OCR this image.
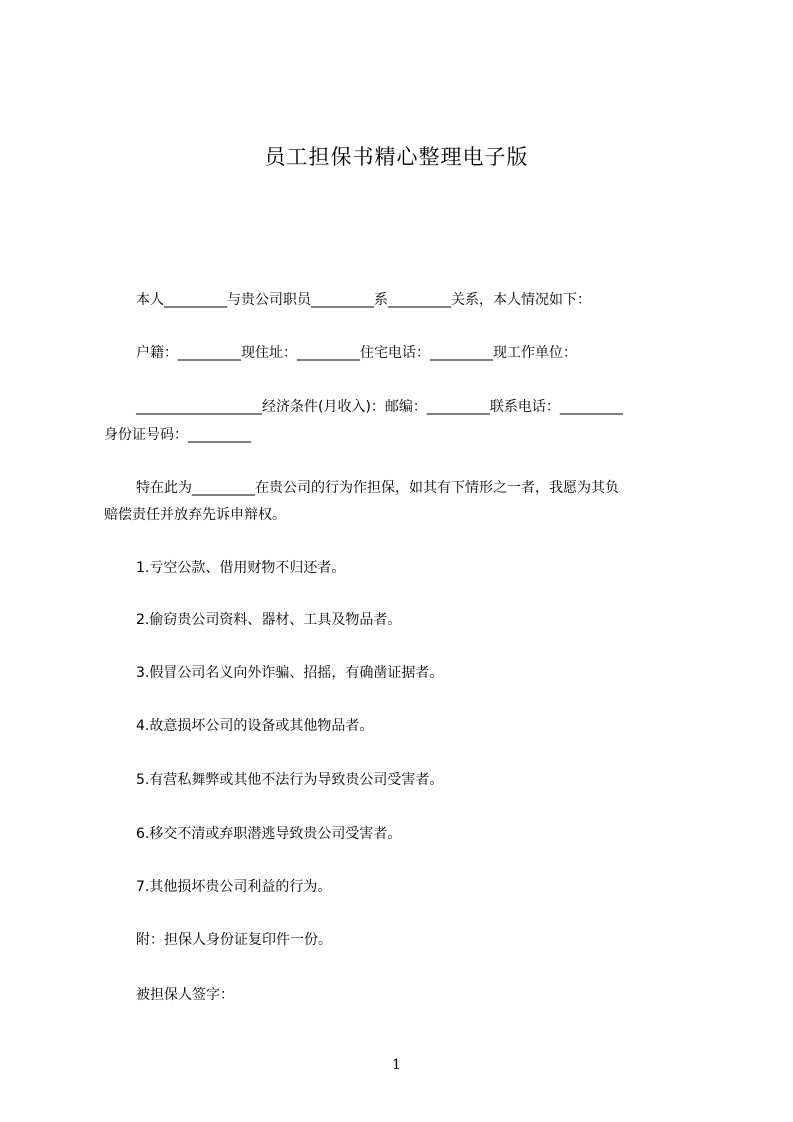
员工担保书精心整理电子版
本人_________与贵公司职员_________系_________关系，本人情况如下：
户籍：_________现住址：_________住宅电话：_________现工作单位：
__________________经济条件(月收入)：邮编：_________联系电话：_________
身份证号码：_________
特在此为_________在贵公司的行为作担保，如其有下情形之一者，我愿为其负
赔偿责任并放弃先诉申辩权。
1.亏空公款、借用财物不归还者。
2.偷窃贵公司资料、器材、工具及物品者。
3.假冒公司名义向外诈骗、招摇，有确凿证据者。
4.故意损坏公司的设备或其他物品者。
5.有营私舞弊或其他不法行为导致贵公司受害者。
6.移交不清或弃职潜逃导致贵公司受害者。
7.其他损坏贵公司利益的行为。
附：担保人身份证复印件一份。
被担保人签字：
1
